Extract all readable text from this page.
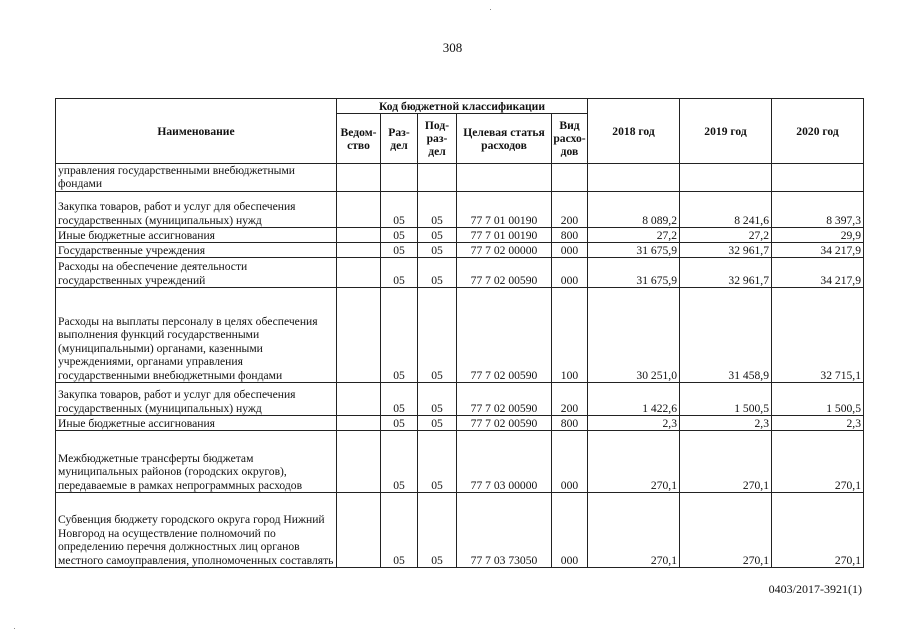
308
Наименование	Код бюджетной классификации					2018 год	2019 год	2020 год
	Ведом-ство	Раз-дел	Под-раз-дел	Целевая статья расходов	Вид расхо-дов			
управления государственными внебюджетными фондами								
Закупка товаров, работ и услуг для обеспечения государственных (муниципальных) нужд		05	05	77 7 01 00190	200	8 089,2	8 241,6	8 397,3
Иные бюджетные ассигнования		05	05	77 7 01 00190	800	27,2	27,2	29,9
Государственные учреждения		05	05	77 7 02 00000	000	31 675,9	32 961,7	34 217,9
Расходы на обеспечение деятельности государственных учреждений		05	05	77 7 02 00590	000	31 675,9	32 961,7	34 217,9
Расходы на выплаты персоналу в целях обеспечения выполнения функций государственными (муниципальными) органами, казенными учреждениями, органами управления государственными внебюджетными фондами		05	05	77 7 02 00590	100	30 251,0	31 458,9	32 715,1
Закупка товаров, работ и услуг для обеспечения государственных (муниципальных) нужд		05	05	77 7 02 00590	200	1 422,6	1 500,5	1 500,5
Иные бюджетные ассигнования		05	05	77 7 02 00590	800	2,3	2,3	2,3
Межбюджетные трансферты бюджетам муниципальных районов (городских округов), передаваемые в рамках непрограммных расходов		05	05	77 7 03 00000	000	270,1	270,1	270,1
Субвенция бюджету городского округа город Нижний Новгород на осуществление полномочий по определению перечня должностных лиц органов местного самоуправления, уполномоченных составлять		05	05	77 7 03 73050	000	270,1	270,1	270,1
0403/2017-3921(1)
